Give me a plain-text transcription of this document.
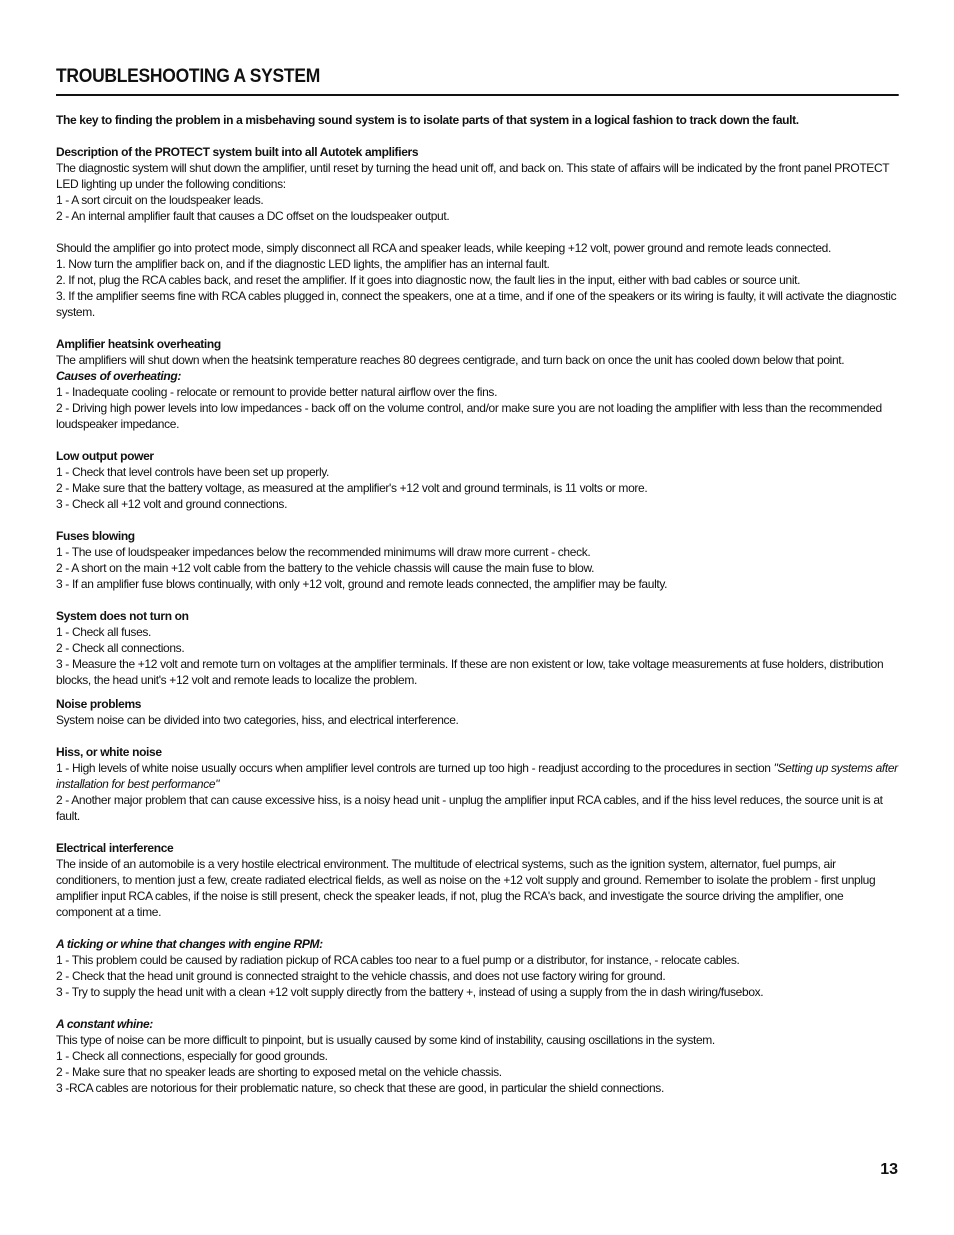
TROUBLESHOOTING A SYSTEM

The key to finding the problem in a misbehaving sound system is to isolate parts of that system in a logical fashion to track down the fault.

Description of the PROTECT system built into all Autotek amplifiers

The diagnostic system will shut down the amplifier, until reset by turning the head unit off, and back on. This state of affairs will be indicated by the front panel PROTECT LED lighting up under the following conditions:

1 - A sort circuit on the loudspeaker leads.

2 - An internal amplifier fault that causes a DC offset on the loudspeaker output.

Should the amplifier go into protect mode, simply disconnect all RCA and speaker leads, while keeping +12 volt, power ground and remote leads connected.

1. Now turn the amplifier back on, and if the diagnostic LED lights, the amplifier has an internal fault.

2. If not, plug the RCA cables back, and reset the amplifier. If it goes into diagnostic now, the fault lies in the input, either with bad cables or source unit.

3. If the amplifier seems fine with RCA cables plugged in, connect the speakers, one at a time, and if one of the speakers or its wiring is faulty, it will activate the diagnostic system.

Amplifier heatsink overheating

The amplifiers will shut down when the heatsink temperature reaches 80 degrees centigrade, and turn back on once the unit has cooled down below that point.

Causes of overheating:

1 - Inadequate cooling - relocate or remount to provide better natural airflow over the fins.

2 - Driving high power levels into low impedances - back off on the volume control, and/or make sure you are not loading the amplifier with less than the recommended loudspeaker impedance.

Low output power

1 - Check that level controls have been set up properly.

2 - Make sure that the battery voltage, as measured at the amplifier's +12 volt and ground terminals, is 11 volts or more.

3 - Check all +12 volt and ground connections.

Fuses blowing

1 - The use of loudspeaker impedances below the recommended minimums will draw more current - check.

2 - A short on the main +12 volt cable from the battery to the vehicle chassis will cause the main fuse to blow.

3 - If an amplifier fuse blows continually, with only +12 volt, ground and remote leads connected, the amplifier may be faulty.

System does not turn on

1 - Check all fuses.

2 - Check all connections.

3 - Measure the +12 volt and remote turn on voltages at the amplifier terminals. If these are non existent or low, take voltage measurements at fuse holders, distribution blocks, the head unit's +12 volt and remote leads to localize the problem.

Noise problems

System noise can be divided into two categories, hiss, and electrical interference.

Hiss, or white noise

1 - High levels of white noise usually occurs when amplifier level controls are turned up too high - readjust according to the procedures in section "Setting up systems after installation for best performance"

2 - Another major problem that can cause excessive hiss, is a noisy head unit - unplug the amplifier input RCA cables, and if the hiss level reduces, the source unit is at fault.

Electrical interference

The inside of an automobile is a very hostile electrical environment. The multitude of electrical systems, such as the ignition system, alternator, fuel pumps, air conditioners, to mention just a few, create radiated electrical fields, as well as noise on the +12 volt supply and ground. Remember to isolate the problem - first unplug amplifier input RCA cables, if the noise is still present, check the speaker leads, if not, plug the RCA's back, and investigate the source driving the amplifier, one component at a time.

A ticking or whine that changes with engine RPM:

1 - This problem could be caused by radiation pickup of RCA cables too near to a fuel pump or a distributor, for instance, - relocate cables.

2 - Check that the head unit ground is connected straight to the vehicle chassis, and does not use factory wiring for ground.

3 - Try to supply the head unit with a clean +12 volt supply directly from the battery +, instead of using a supply from the in dash wiring/fusebox.

A constant whine:

This type of noise can be more difficult to pinpoint, but is usually caused by some kind of instability, causing oscillations in the system.

1 - Check all connections, especially for good grounds.

2 - Make sure that no speaker leads are shorting to exposed metal on the vehicle chassis.

3 -RCA cables are notorious for their problematic nature, so check that these are good, in particular the shield connections.

13
